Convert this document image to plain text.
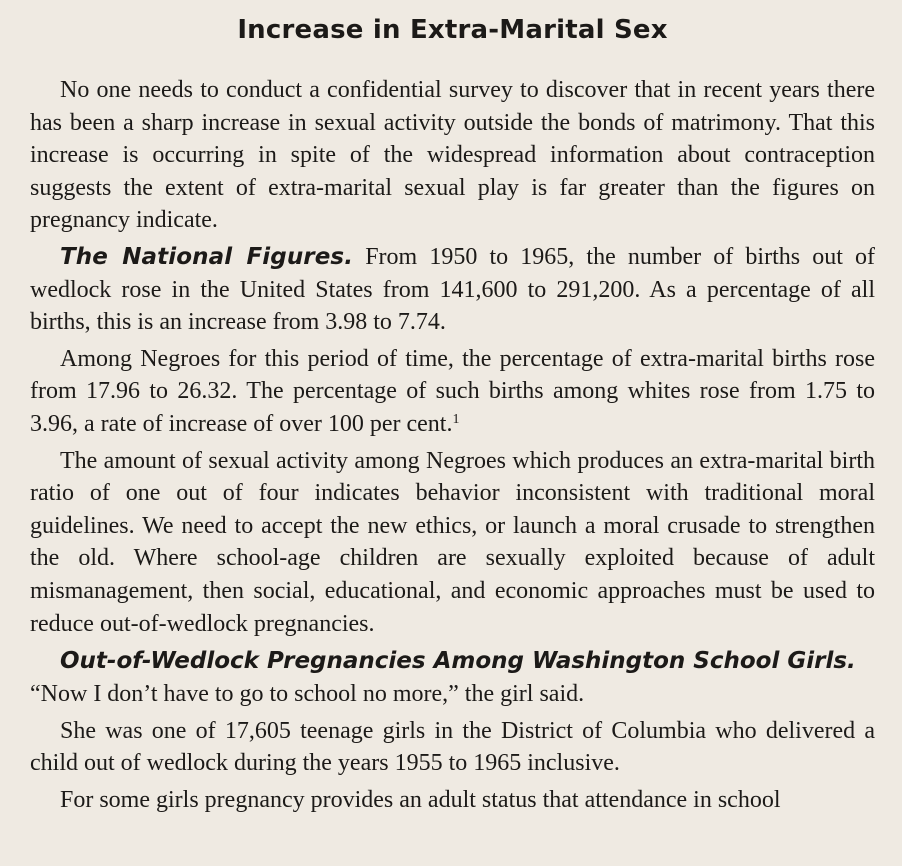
Increase in Extra-Marital Sex

No one needs to conduct a confidential survey to discover that in recent years there has been a sharp increase in sexual activity outside the bonds of matrimony. That this increase is occurring in spite of the widespread information about contraception suggests the extent of extra-marital sexual play is far greater than the figures on pregnancy indicate.

The National Figures. From 1950 to 1965, the number of births out of wedlock rose in the United States from 141,600 to 291,200. As a percentage of all births, this is an increase from 3.98 to 7.74.

Among Negroes for this period of time, the percentage of extra-marital births rose from 17.96 to 26.32. The percentage of such births among whites rose from 1.75 to 3.96, a rate of increase of over 100 per cent.$^1$

The amount of sexual activity among Negroes which produces an extra-marital birth ratio of one out of four indicates behavior inconsistent with traditional moral guidelines. We need to accept the new ethics, or launch a moral crusade to strengthen the old. Where school-age children are sexually exploited because of adult mismanagement, then social, educational, and economic approaches must be used to reduce out-of-wedlock pregnancies.

Out-of-Wedlock Pregnancies Among Washington School Girls.

“Now I don’t have to go to school no more,” the girl said.

She was one of 17,605 teenage girls in the District of Columbia who delivered a child out of wedlock during the years 1955 to 1965 inclusive.

For some girls pregnancy provides an adult status that attendance in school
